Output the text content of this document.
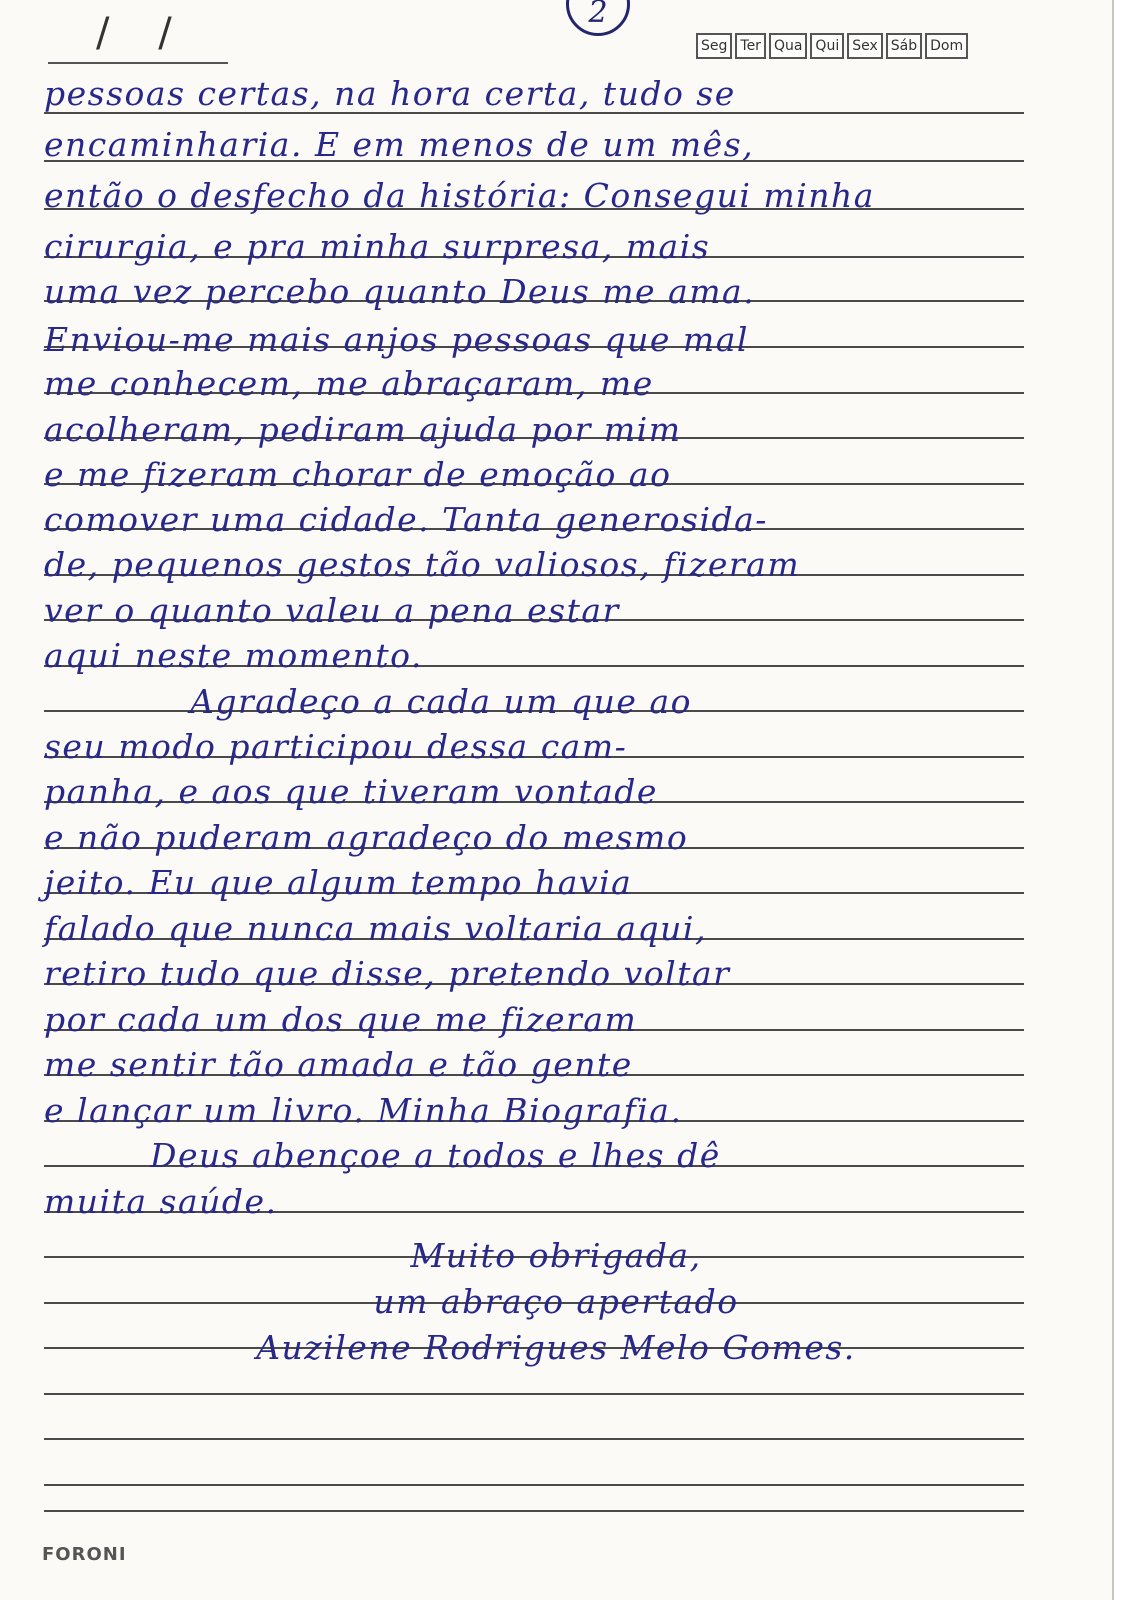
/ /	2
Seg Ter Qua Qui Sex Sáb Dom
pessoas certas, na hora certa, tudo se
encaminharia. E em menos de um mês,
então o desfecho da história: Consegui minha
cirurgia, e pra minha surpresa, mais
uma vez percebo quanto Deus me ama.
Enviou-me mais anjos pessoas que mal
me conhecem, me abraçaram, me
acolheram, pediram ajuda por mim
e me fizeram chorar de emoção ao
comover uma cidade. Tanta generosida-
de, pequenos gestos tão valiosos, fizeram
ver o quanto valeu a pena estar
aqui neste momento.
Agradeço a cada um que ao
seu modo participou dessa cam-
panha, e aos que tiveram vontade
e não puderam agradeço do mesmo
jeito. Eu que algum tempo havia
falado que nunca mais voltaria aqui,
retiro tudo que disse, pretendo voltar
por cada um dos que me fizeram
me sentir tão amada e tão gente
e lançar um livro. Minha Biografia.
Deus abençoe a todos e lhes dê
muita saúde.
Muito obrigada,
um abraço apertado
Auzilene Rodrigues Melo Gomes.
FORONI
